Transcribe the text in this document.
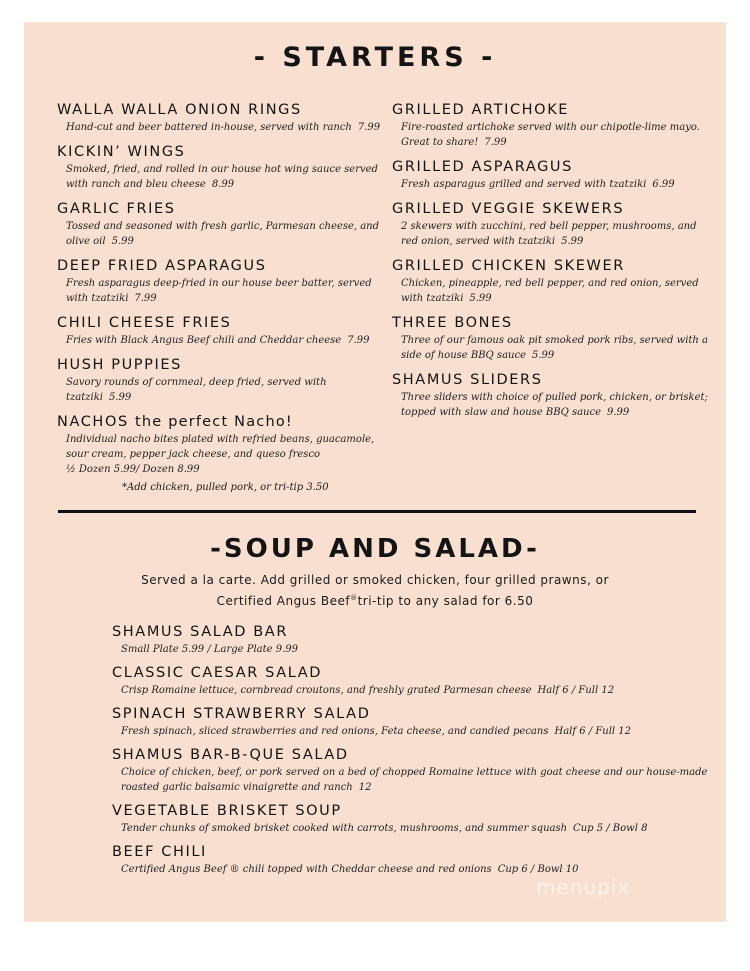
- STARTERS -
WALLA WALLA ONION RINGS
Hand-cut and beer battered in-house, served with ranch 7.99
KICKIN’ WINGS
Smoked, fried, and rolled in our house hot wing sauce served with ranch and bleu cheese 8.99
GARLIC FRIES
Tossed and seasoned with fresh garlic, Parmesan cheese, and olive oil 5.99
DEEP FRIED ASPARAGUS
Fresh asparagus deep-fried in our house beer batter, served with tzatziki 7.99
CHILI CHEESE FRIES
Fries with Black Angus Beef chili and Cheddar cheese 7.99
HUSH PUPPIES
Savory rounds of cornmeal, deep fried, served with tzatziki 5.99
NACHOS the perfect Nacho!
Individual nacho bites plated with refried beans, guacamole, sour cream, pepper jack cheese, and queso fresco
½ Dozen 5.99/ Dozen 8.99
*Add chicken, pulled pork, or tri-tip 3.50
GRILLED ARTICHOKE
Fire-roasted artichoke served with our chipotle-lime mayo. Great to share! 7.99
GRILLED ASPARAGUS
Fresh asparagus grilled and served with tzatziki 6.99
GRILLED VEGGIE SKEWERS
2 skewers with zucchini, red bell pepper, mushrooms, and red onion, served with tzatziki 5.99
GRILLED CHICKEN SKEWER
Chicken, pineapple, red bell pepper, and red onion, served with tzatziki 5.99
THREE BONES
Three of our famous oak pit smoked pork ribs, served with a side of house BBQ sauce 5.99
SHAMUS SLIDERS
Three sliders with choice of pulled pork, chicken, or brisket; topped with slaw and house BBQ sauce 9.99
-SOUP AND SALAD-
Served a la carte. Add grilled or smoked chicken, four grilled prawns, or
Certified Angus Beef®tri-tip to any salad for 6.50
SHAMUS SALAD BAR
Small Plate 5.99 / Large Plate 9.99
CLASSIC CAESAR SALAD
Crisp Romaine lettuce, cornbread croutons, and freshly grated Parmesan cheese Half 6 / Full 12
SPINACH STRAWBERRY SALAD
Fresh spinach, sliced strawberries and red onions, Feta cheese, and candied pecans Half 6 / Full 12
SHAMUS BAR-B-QUE SALAD
Choice of chicken, beef, or pork served on a bed of chopped Romaine lettuce with goat cheese and our house-made roasted garlic balsamic vinaigrette and ranch 12
VEGETABLE BRISKET SOUP
Tender chunks of smoked brisket cooked with carrots, mushrooms, and summer squash Cup 5 / Bowl 8
BEEF CHILI
Certified Angus Beef ® chili topped with Cheddar cheese and red onions Cup 6 / Bowl 10
menupix
